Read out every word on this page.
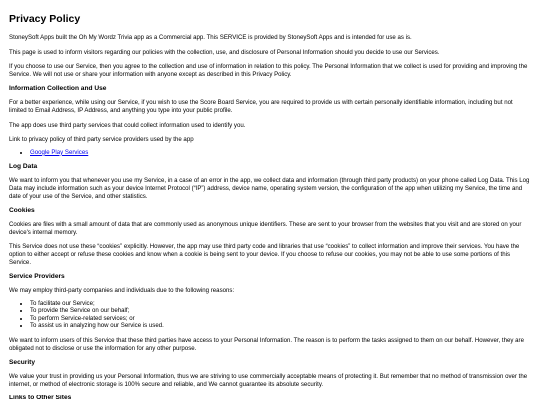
Privacy Policy

StoneySoft Apps built the Oh My Wordz Trivia app as a Commercial app. This SERVICE is provided by StoneySoft Apps and is intended for use as is.

This page is used to inform visitors regarding our policies with the collection, use, and disclosure of Personal Information should you decide to use our Services.

If you choose to use our Service, then you agree to the collection and use of information in relation to this policy. The Personal Information that we collect is used for providing and improving the Service. We will not use or share your information with anyone except as described in this Privacy Policy.

Information Collection and Use

For a better experience, while using our Service, if you wish to use the Score Board Service, you are required to provide us with certain personally identifiable information, including but not limited to Email Address, IP Address, and anything you type into your public profile.

The app does use third party services that could collect information used to identify you.

Link to privacy policy of third party service providers used by the app

• Google Play Services
Log Data

We want to inform you that whenever you use my Service, in a case of an error in the app, we collect data and information (through third party products) on your phone called Log Data. This Log Data may include information such as your device Internet Protocol (“IP”) address, device name, operating system version, the configuration of the app when utilizing my Service, the time and date of your use of the Service, and other statistics.

Cookies

Cookies are files with a small amount of data that are commonly used as anonymous unique identifiers. These are sent to your browser from the websites that you visit and are stored on your device's internal memory.

This Service does not use these “cookies” explicitly. However, the app may use third party code and libraries that use “cookies” to collect information and improve their services. You have the option to either accept or refuse these cookies and know when a cookie is being sent to your device. If you choose to refuse our cookies, you may not be able to use some portions of this Service.

Service Providers

We may employ third-party companies and individuals due to the following reasons:

• To facilitate our Service;
• To provide the Service on our behalf;
• To perform Service-related services; or
• To assist us in analyzing how our Service is used.

We want to inform users of this Service that these third parties have access to your Personal Information. The reason is to perform the tasks assigned to them on our behalf. However, they are obligated not to disclose or use the information for any other purpose.

Security

We value your trust in providing us your Personal Information, thus we are striving to use commercially acceptable means of protecting it. But remember that no method of transmission over the internet, or method of electronic storage is 100% secure and reliable, and We cannot guarantee its absolute security.

Links to Other Sites
